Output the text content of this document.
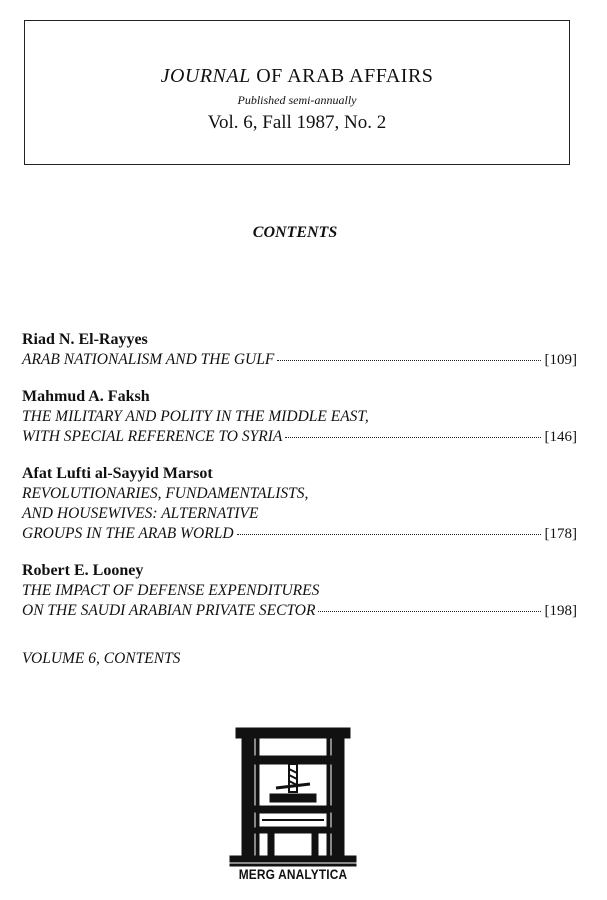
JOURNAL OF ARAB AFFAIRS
Published semi-annually
Vol. 6, Fall 1987, No. 2
CONTENTS
Riad N. El-Rayyes
ARAB NATIONALISM AND THE GULF	[109]
Mahmud A. Faksh
THE MILITARY AND POLITY IN THE MIDDLE EAST,
WITH SPECIAL REFERENCE TO SYRIA	[146]
Afat Lufti al-Sayyid Marsot
REVOLUTIONARIES, FUNDAMENTALISTS,
AND HOUSEWIVES: ALTERNATIVE
GROUPS IN THE ARAB WORLD	[178]
Robert E. Looney
THE IMPACT OF DEFENSE EXPENDITURES
ON THE SAUDI ARABIAN PRIVATE SECTOR	[198]
VOLUME 6, CONTENTS
MERG ANALYTICA
